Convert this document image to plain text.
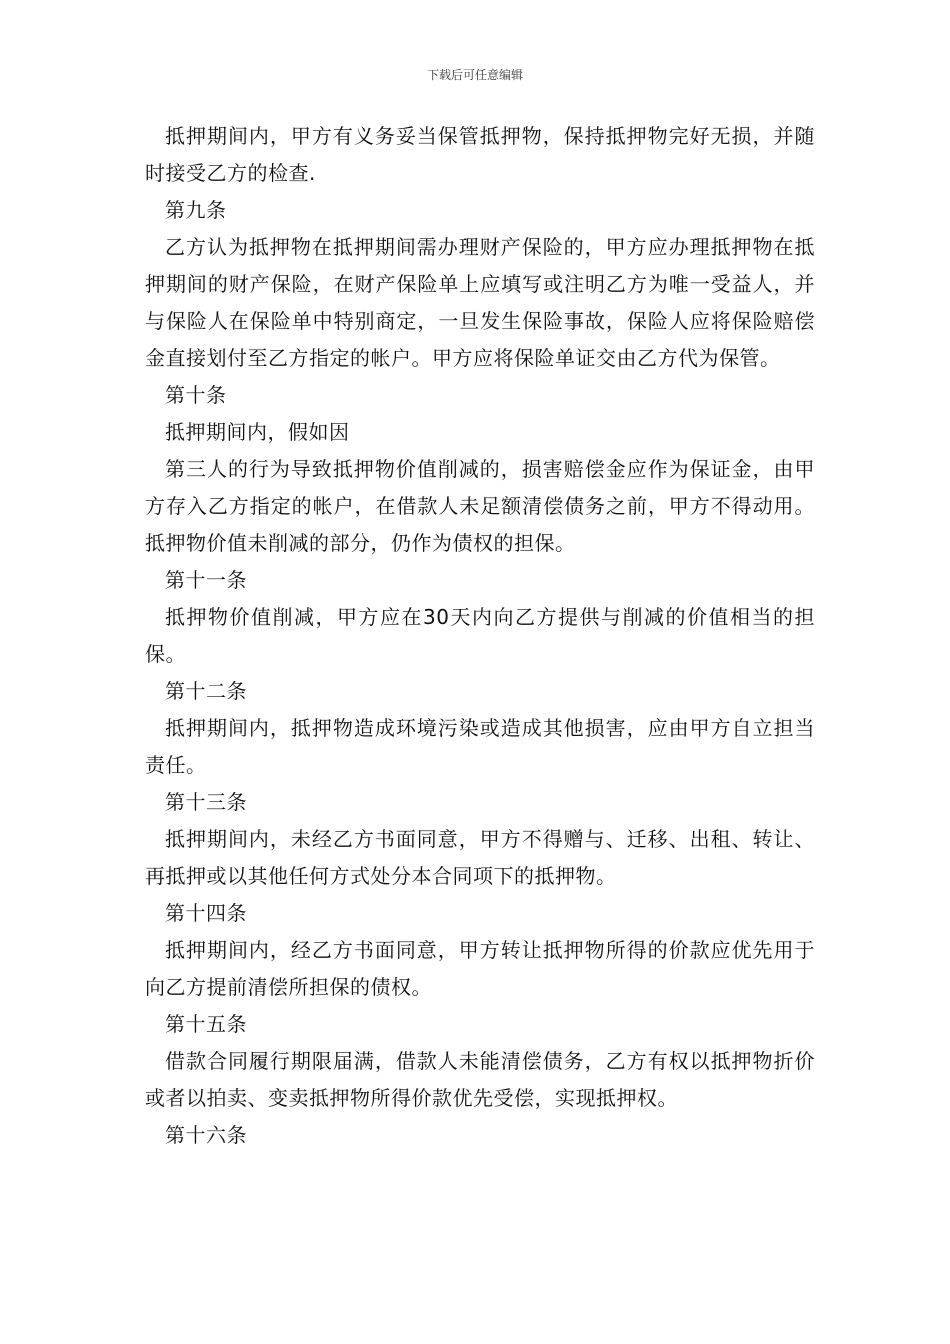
下载后可任意编辑

抵押期间内，甲方有义务妥当保管抵押物，保持抵押物完好无损，并随时接受乙方的检查.

第九条

乙方认为抵押物在抵押期间需办理财产保险的，甲方应办理抵押物在抵押期间的财产保险，在财产保险单上应填写或注明乙方为唯一受益人，并与保险人在保险单中特别商定，一旦发生保险事故，保险人应将保险赔偿金直接划付至乙方指定的帐户。甲方应将保险单证交由乙方代为保管。

第十条

抵押期间内，假如因

第三人的行为导致抵押物价值削减的，损害赔偿金应作为保证金，由甲方存入乙方指定的帐户，在借款人未足额清偿债务之前，甲方不得动用。抵押物价值未削减的部分，仍作为债权的担保。

第十一条

抵押物价值削减，甲方应在30天内向乙方提供与削减的价值相当的担保。

第十二条

抵押期间内，抵押物造成环境污染或造成其他损害，应由甲方自立担当责任。

第十三条

抵押期间内，未经乙方书面同意，甲方不得赠与、迁移、出租、转让、再抵押或以其他任何方式处分本合同项下的抵押物。

第十四条

抵押期间内，经乙方书面同意，甲方转让抵押物所得的价款应优先用于向乙方提前清偿所担保的债权。

第十五条

借款合同履行期限届满，借款人未能清偿债务，乙方有权以抵押物折价或者以拍卖、变卖抵押物所得价款优先受偿，实现抵押权。

第十六条
